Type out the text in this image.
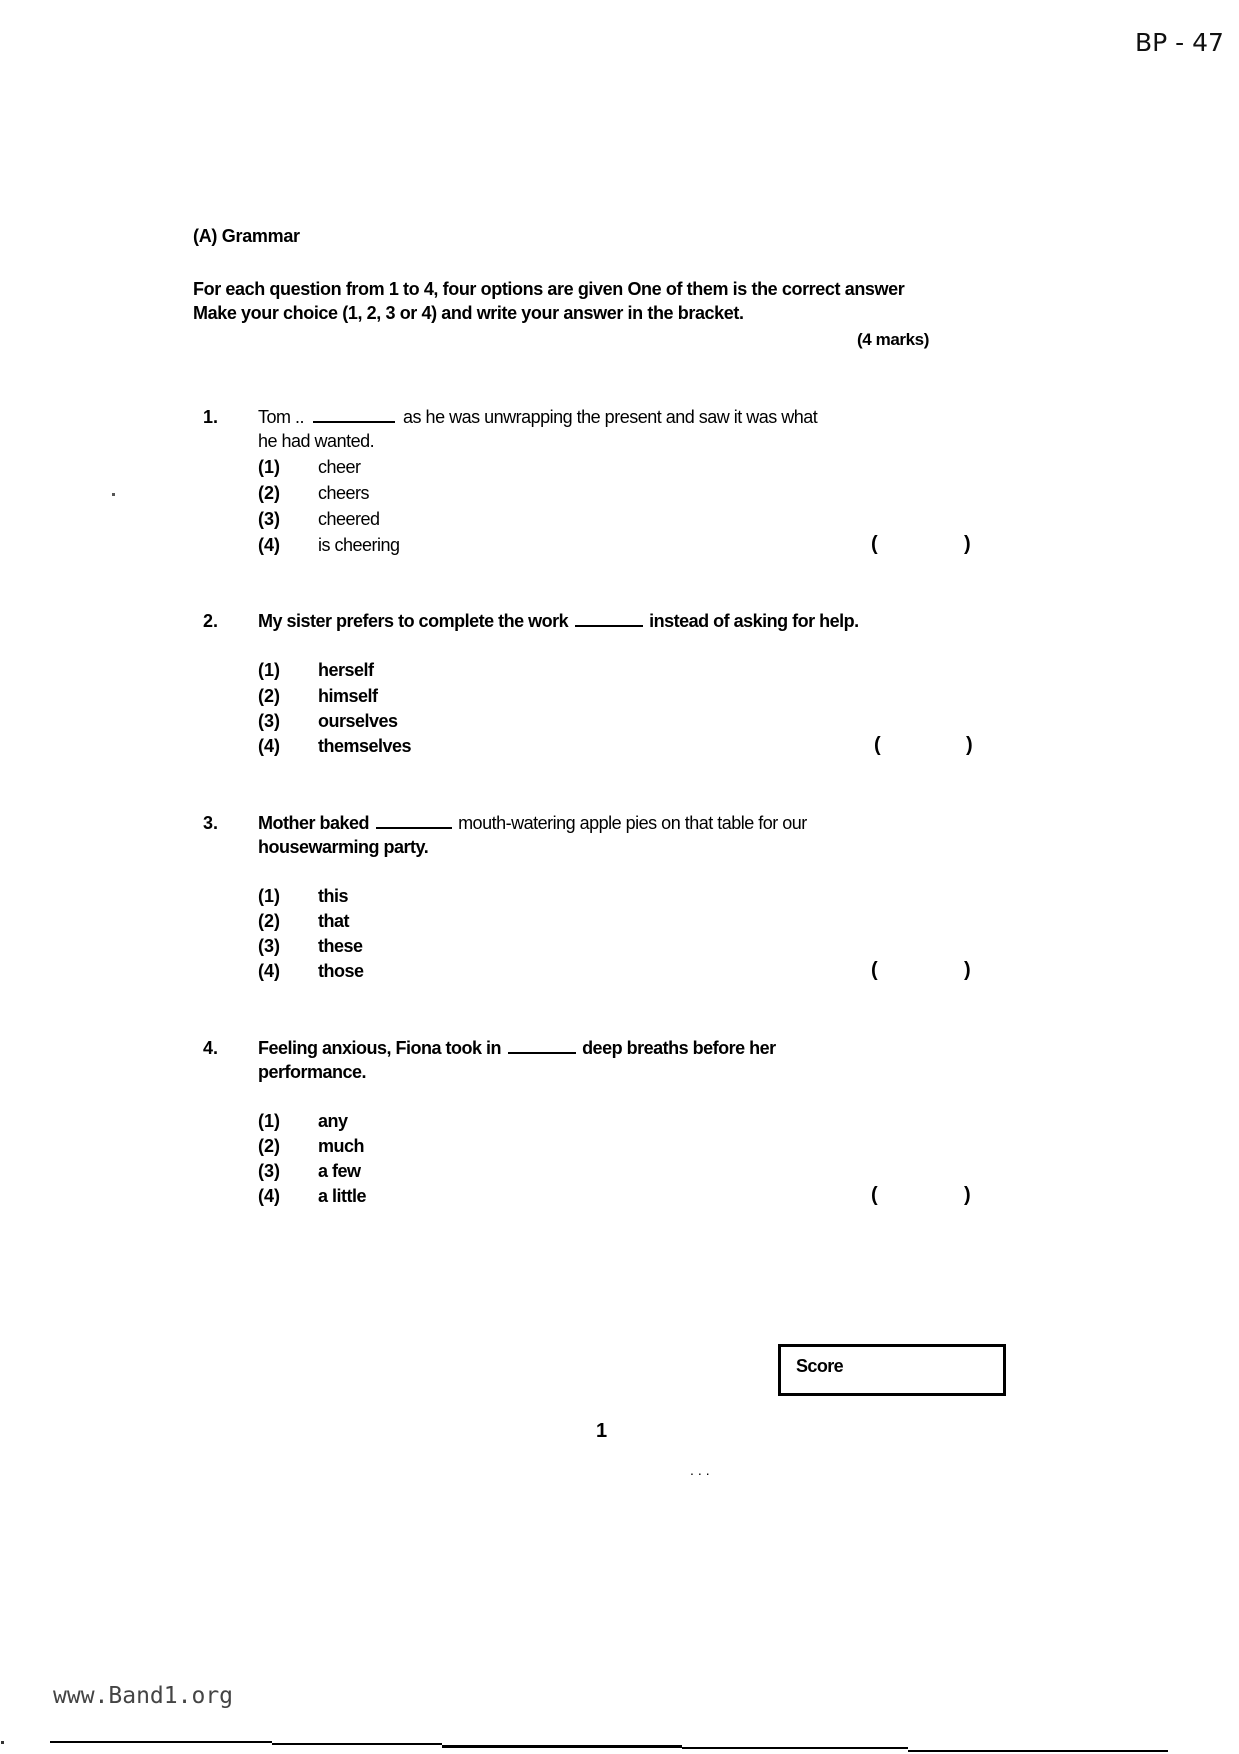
BP - 47
(A) Grammar
For each question from 1 to 4, four options are given One of them is the correct answer
Make your choice (1, 2, 3 or 4) and write your answer in the bracket.
(4 marks)
1. Tom ..	as he was unwrapping the present and saw it was what
he had wanted.
(1) cheer
(2) cheers
(3) cheered
(4) is cheering	(	)
2. My sister prefers to complete the work	instead of asking for help.
(1) herself
(2) himself
(3) ourselves
(4) themselves	(	)
3. Mother baked	mouth-watering apple pies on that table for our
housewarming party.
(1) this
(2) that
(3) these
(4) those	(	)
4. Feeling anxious, Fiona took in	deep breaths before her
performance.
(1) any
(2) much
(3) a few
(4) a little	(	)
Score
1
...
www.Band1.org
